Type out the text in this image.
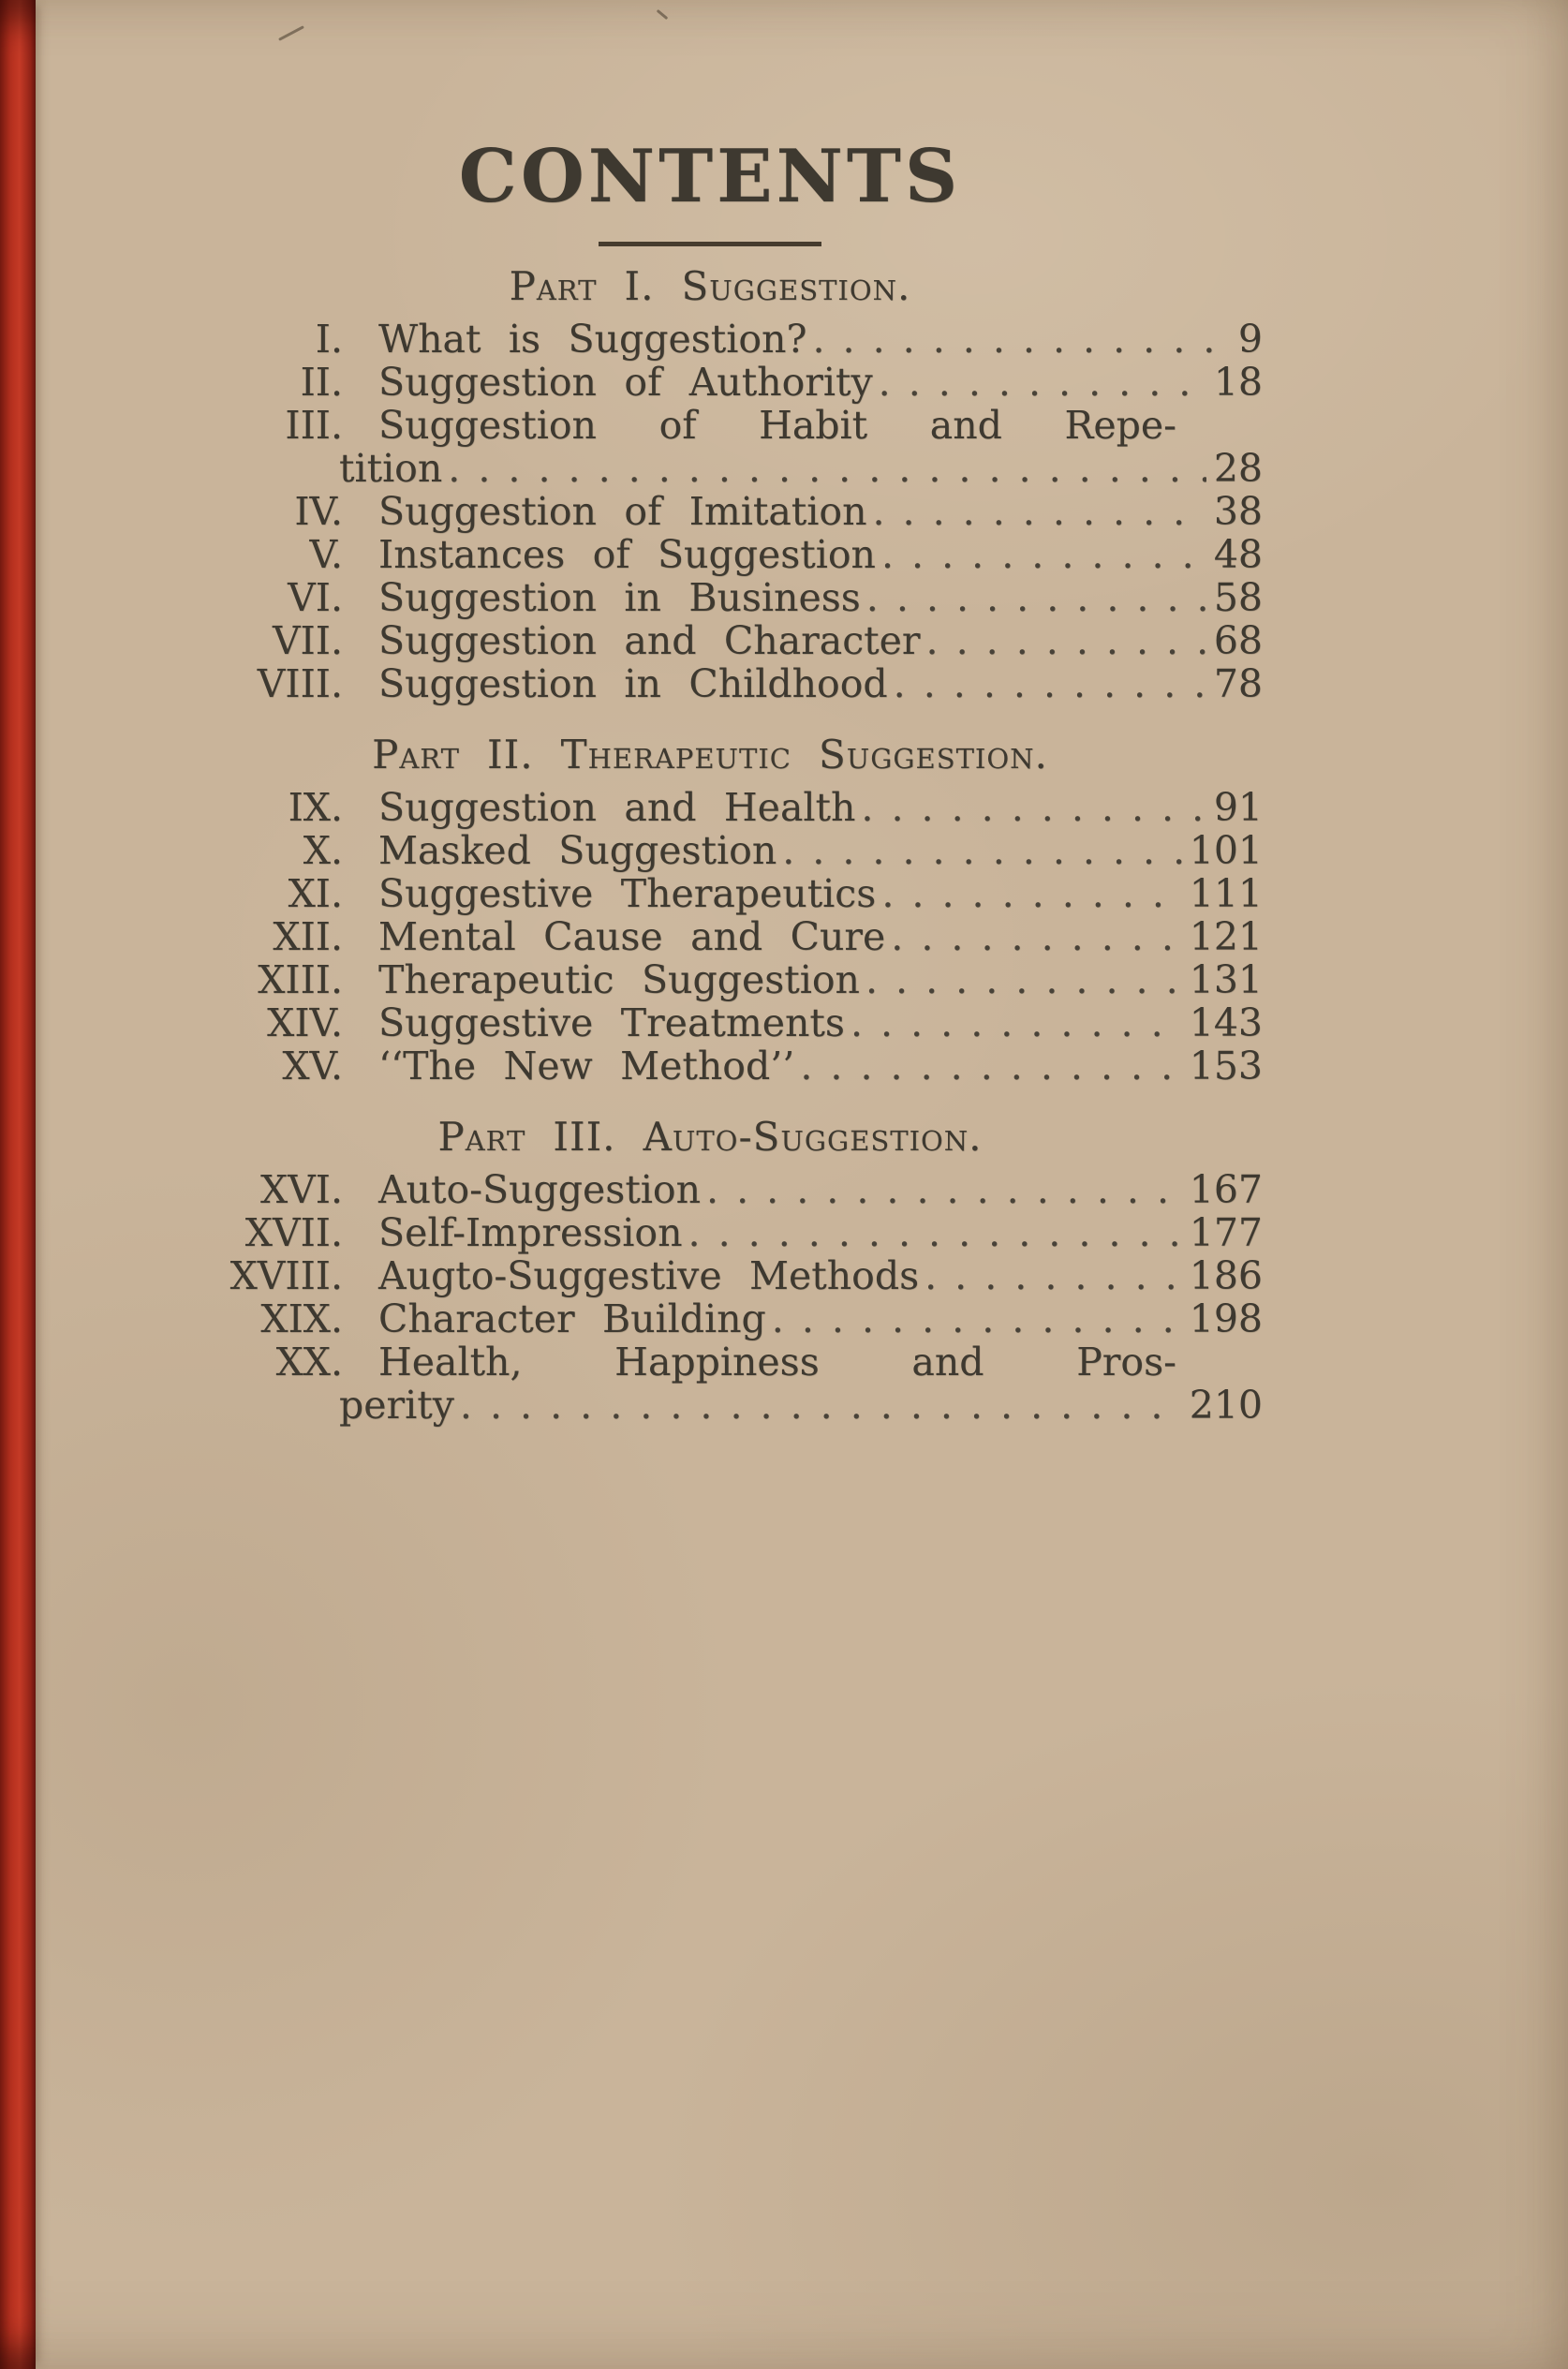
CONTENTS
Part I. Suggestion.
I. What is Suggestion? . . .	9
II. Suggestion of Authority . . .	18
III. Suggestion of Habit and Repe-
tition . . .	28
IV. Suggestion of Imitation . . .	38
V. Instances of Suggestion . . .	48
VI. Suggestion in Business . . .	58
VII. Suggestion and Character . . .	68
VIII. Suggestion in Childhood . . .	78
Part II. Therapeutic Suggestion.
IX. Suggestion and Health . . .	91
X. Masked Suggestion . . .	101
XI. Suggestive Therapeutics . . .	111
XII. Mental Cause and Cure . . .	121
XIII. Therapeutic Suggestion . . .	131
XIV. Suggestive Treatments . . .	143
XV. ‘‘The New Method’’ . . .	153
Part III. Auto-Suggestion.
XVI. Auto-Suggestion . . .	167
XVII. Self-Impression . . .	177
XVIII. Augto-Suggestive Methods . . .	186
XIX. Character Building . . .	198
XX. Health, Happiness and Pros-
perity . . .	210
